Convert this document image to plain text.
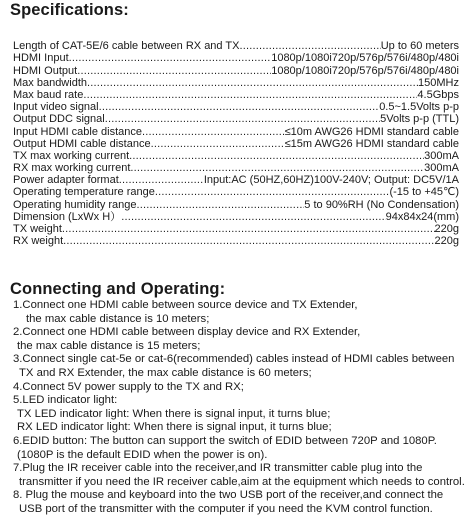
Specifications:
Length of CAT-5E/6 cable between RX and TX .....	Up to 60 meters
HDMI Input .....	1080p/1080i720p/576p/576i/480p/480i
HDMI Output .....	1080p/1080i720p/576p/576i/480p/480i
Max bandwidth .....	150MHz
Max baud rate .....	4.5Gbps
Input video signal .....	0.5~1.5Volts p-p
Output DDC signal .....	5Volts p-p (TTL)
Input HDMI cable distance .....	≤10m AWG26 HDMI standard cable
Output HDMI cable distance .....	≤15m AWG26 HDMI standard cable
TX max working current .....	300mA
RX max working current .....	300mA
Power adapter format .....	Input:AC (50HZ,60HZ)100V-240V; Output: DC5V/1A
Operating temperature range .....	(-15 to +45℃)
Operating humidity range .....	5 to 90%RH (No Condensation)
Dimension (LxWx H） .....	94x84x24(mm)
TX weight .....	220g
RX weight .....	220g
Connecting and Operating:
1.Connect one HDMI cable between source device and TX Extender,
the max cable distance is 10 meters;
2.Connect one HDMI cable between display device and RX Extender,
the max cable distance is 15 meters;
3.Connect single cat-5e or cat-6(recommended) cables instead of HDMI cables between
TX and RX Extender, the max cable distance is 60 meters;
4.Connect 5V power supply to the TX and RX;
5.LED indicator light:
TX LED indicator light: When there is signal input, it turns blue;
RX LED indicator light: When there is signal input, it turns blue;
6.EDID button: The button can support the switch of EDID between 720P and 1080P.
(1080P is the default EDID when the power is on).
7.Plug the IR receiver cable into the receiver,and IR transmitter cable plug into the
transmitter if you need the IR receiver cable,aim at the equipment which needs to control.
8. Plug the mouse and keyboard into the two USB port of the receiver,and connect the
USB port of the transmitter with the computer if you need the KVM control function.
